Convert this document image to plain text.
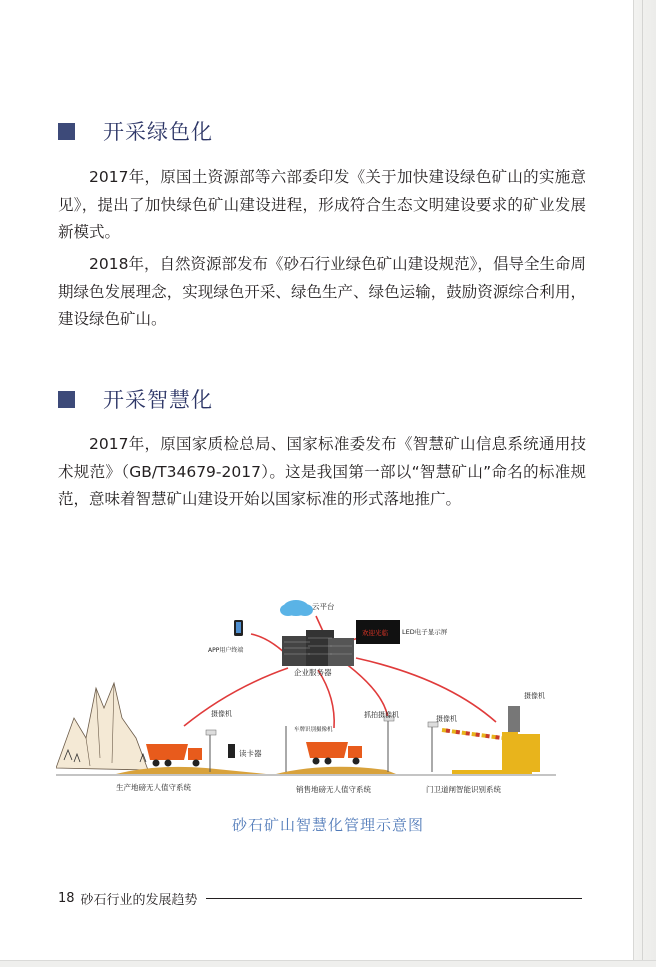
开采绿色化

2017年，原国土资源部等六部委印发《关于加快建设绿色矿山的实施意见》，提出了加快绿色矿山建设进程，形成符合生态文明建设要求的矿业发展新模式。

2018年，自然资源部发布《砂石行业绿色矿山建设规范》，倡导全生命周期绿色发展理念，实现绿色开采、绿色生产、绿色运输，鼓励资源综合利用，建设绿色矿山。

开采智慧化

2017年，原国家质检总局、国家标准委发布《智慧矿山信息系统通用技术规范》（GB/T34679-2017）。这是我国第一部以“智慧矿山”命名的标准规范，意味着智慧矿山建设开始以国家标准的形式落地推广。

云平台
APP用户终端
企业服务器
欢迎光临 LED电子显示屏
摄像机
读卡器
车牌识别摄像机
抓拍摄像机	摄像机
摄像机
生产地磅无人值守系统	销售地磅无人值守系统	门卫道闸智能识别系统
砂石矿山智慧化管理示意图
18 砂石行业的发展趋势
